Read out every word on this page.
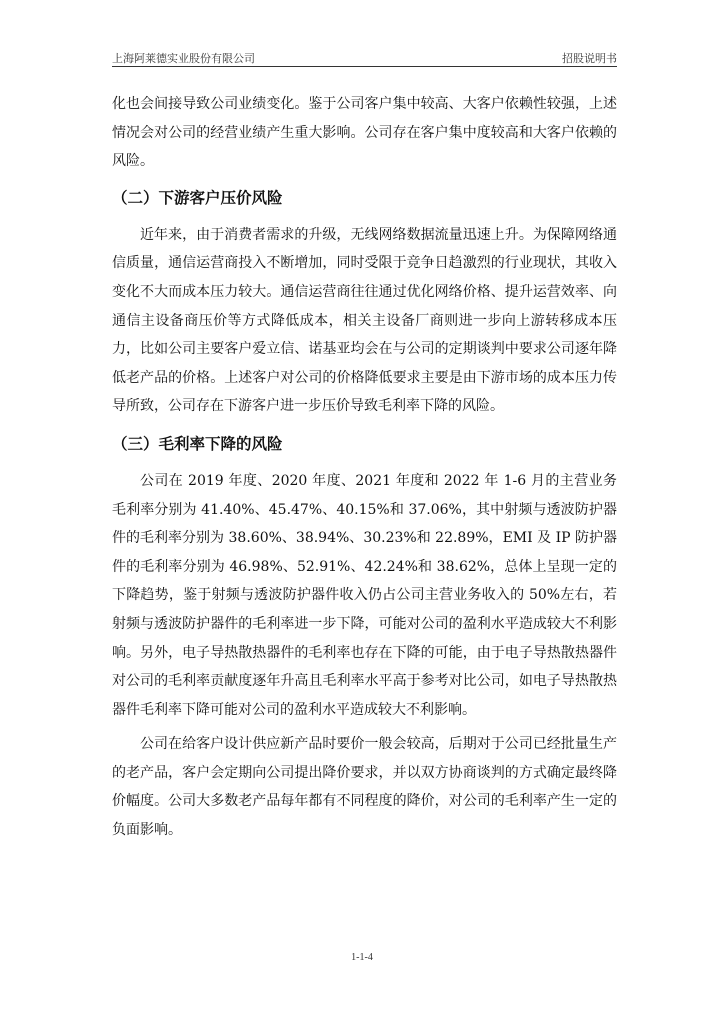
上海阿莱德实业股份有限公司	招股说明书

化也会间接导致公司业绩变化。鉴于公司客户集中较高、大客户依赖性较强，上述情况会对公司的经营业绩产生重大影响。公司存在客户集中度较高和大客户依赖的风险。

（二）下游客户压价风险

近年来，由于消费者需求的升级，无线网络数据流量迅速上升。为保障网络通信质量，通信运营商投入不断增加，同时受限于竞争日趋激烈的行业现状，其收入变化不大而成本压力较大。通信运营商往往通过优化网络价格、提升运营效率、向通信主设备商压价等方式降低成本，相关主设备厂商则进一步向上游转移成本压力，比如公司主要客户爱立信、诺基亚均会在与公司的定期谈判中要求公司逐年降低老产品的价格。上述客户对公司的价格降低要求主要是由下游市场的成本压力传导所致，公司存在下游客户进一步压价导致毛利率下降的风险。

（三）毛利率下降的风险

公司在 2019 年度、2020 年度、2021 年度和 2022 年 1-6 月的主营业务毛利率分别为 41.40%、45.47%、40.15%和 37.06%，其中射频与透波防护器件的毛利率分别为 38.60%、38.94%、30.23%和 22.89%，EMI 及 IP 防护器件的毛利率分别为 46.98%、52.91%、42.24%和 38.62%，总体上呈现一定的下降趋势，鉴于射频与透波防护器件收入仍占公司主营业务收入的 50%左右，若射频与透波防护器件的毛利率进一步下降，可能对公司的盈利水平造成较大不利影响。另外，电子导热散热器件的毛利率也存在下降的可能，由于电子导热散热器件对公司的毛利率贡献度逐年升高且毛利率水平高于参考对比公司，如电子导热散热器件毛利率下降可能对公司的盈利水平造成较大不利影响。

公司在给客户设计供应新产品时要价一般会较高，后期对于公司已经批量生产的老产品，客户会定期向公司提出降价要求，并以双方协商谈判的方式确定最终降价幅度。公司大多数老产品每年都有不同程度的降价，对公司的毛利率产生一定的负面影响。

1-1-4
